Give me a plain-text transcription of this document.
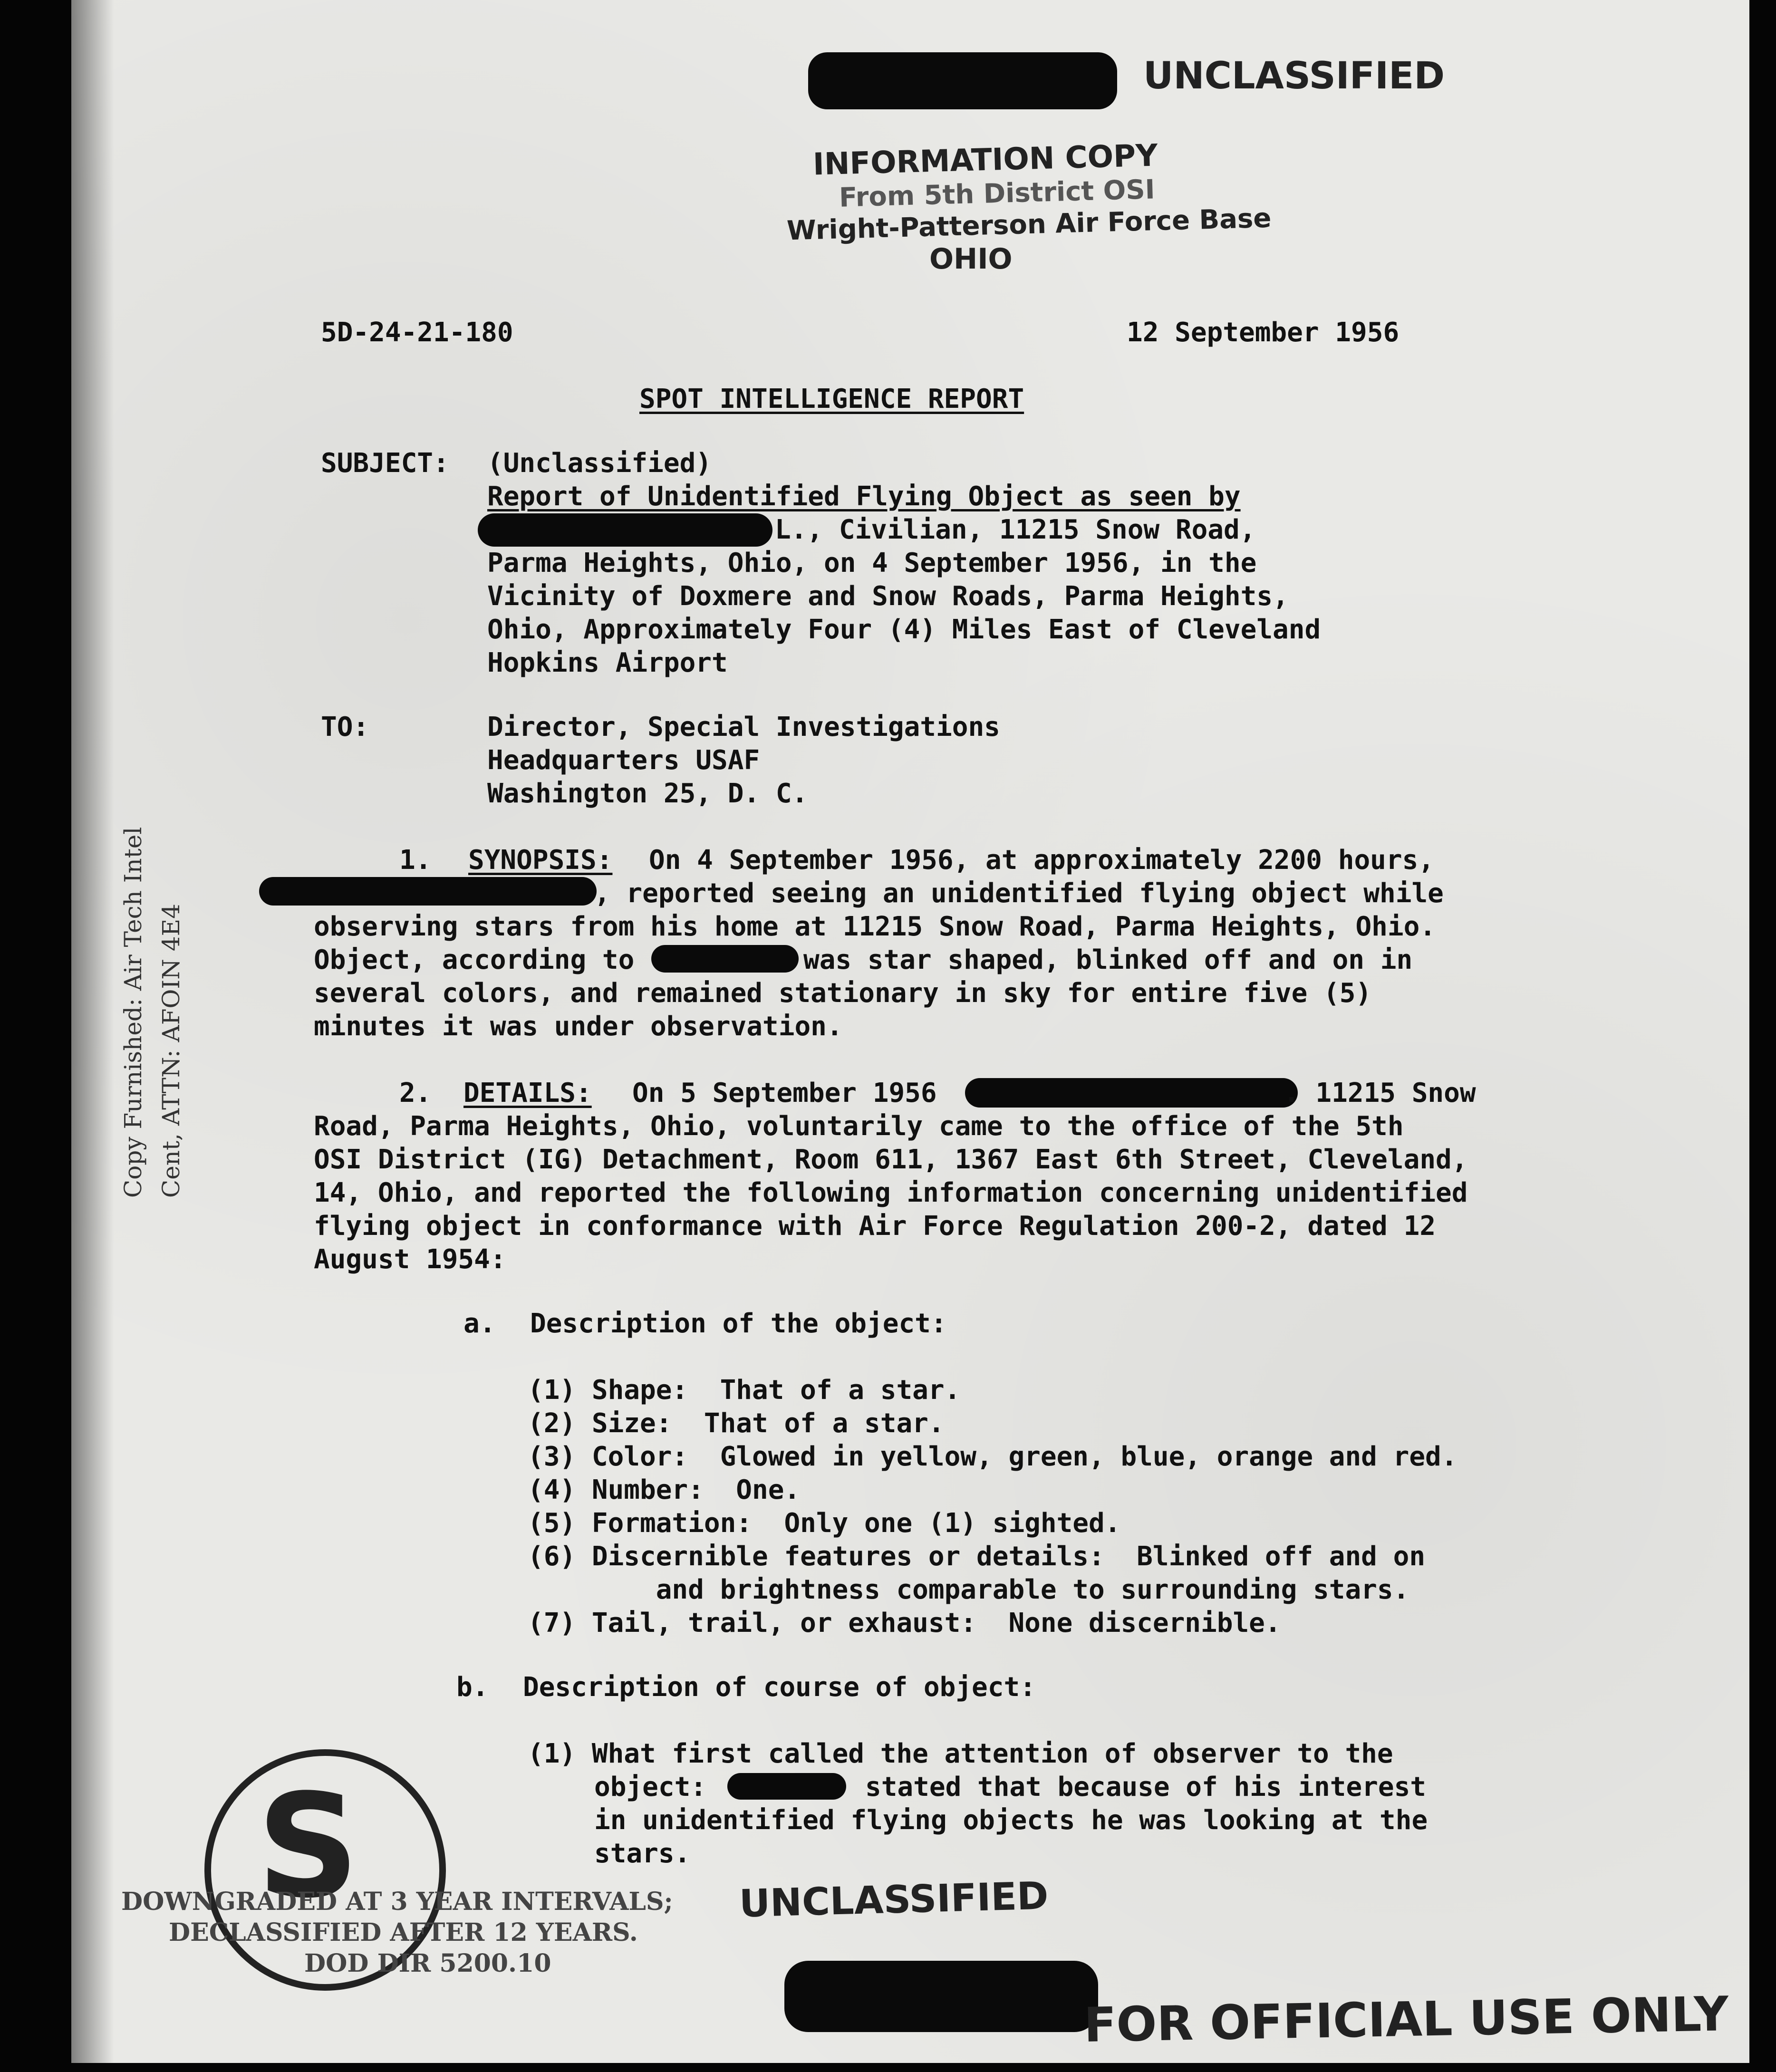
UNCLASSIFIED
INFORMATION COPY
From 5th District OSI
Wright-Patterson Air Force Base
OHIO
5D-24-21-180	12 September 1956
SPOT INTELLIGENCE REPORT
SUBJECT: (Unclassified)
Report of Unidentified Flying Object as seen by
L., Civilian, 11215 Snow Road,
Parma Heights, Ohio, on 4 September 1956, in the
Vicinity of Doxmere and Snow Roads, Parma Heights,
Ohio, Approximately Four (4) Miles East of Cleveland
Hopkins Airport
TO:	Director, Special Investigations
Headquarters USAF
Washington 25, D. C.
Copy Furnished: Air Tech Intel Cent, ATTN: AFOIN 4E4
1. SYNOPSIS: On 4 September 1956, at approximately 2200 hours,
, reported seeing an unidentified flying object while
observing stars from his home at 11215 Snow Road, Parma Heights, Ohio.
Object, according to	was star shaped, blinked off and on in
several colors, and remained stationary in sky for entire five (5)
minutes it was under observation.
2. DETAILS: On 5 September 1956	. 11215 Snow
Road, Parma Heights, Ohio, voluntarily came to the office of the 5th
OSI District (IG) Detachment, Room 611, 1367 East 6th Street, Cleveland,
14, Ohio, and reported the following information concerning unidentified
flying object in conformance with Air Force Regulation 200-2, dated 12
August 1954:
a. Description of the object:
(1) Shape:  That of a star.
(2) Size:  That of a star.
(3) Color:  Glowed in yellow, green, blue, orange and red.
(4) Number:  One.
(5) Formation:  Only one (1) sighted.
(6) Discernible features or details:  Blinked off and on
and brightness comparable to surrounding stars.
(7) Tail, trail, or exhaust:  None discernible.
b. Description of course of object:
(1) What first called the attention of observer to the
object:	stated that because of his interest
in unidentified flying objects he was looking at the
stars.
S
DOWNGRADED AT 3 YEAR INTERVALS;
DECLASSIFIED AFTER 12 YEARS.
DOD DIR 5200.10
UNCLASSIFIED
FOR OFFICIAL USE ONLY
